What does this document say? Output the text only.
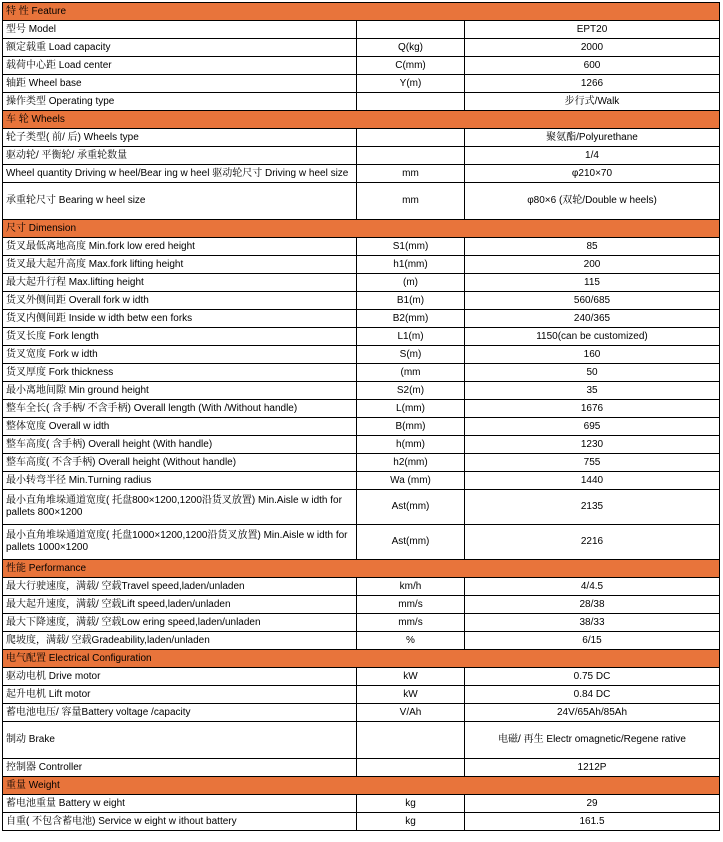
特 性 Feature		
型号 Model		EPT20
额定载重 Load capacity	Q(kg)	2000
载荷中心距 Load center	C(mm)	600
轴距 Wheel base	Y(m)	1266
操作类型 Operating type		步行式/Walk
车 轮 Wheels		
轮子类型( 前/ 后) Wheels type		聚氨酯/Polyurethane
驱动轮/ 平衡轮/ 承重轮数量		1/4
Wheel quantity Driving w heel/Bear ing w heel 驱动轮尺寸 Driving w heel size	mm	φ210×70
承重轮尺寸 Bearing w heel size	mm	φ80×6 (双轮/Double w heels)
尺寸 Dimension		
货叉最低离地高度 Min.fork low ered height	S1(mm)	85
货叉最大起升高度 Max.fork lifting height	h1(mm)	200
最大起升行程 Max.lifting height	(m)	115
货叉外侧间距 Overall fork w idth	B1(m)	560/685
货叉内侧间距 Inside w idth betw een forks	B2(mm)	240/365
货叉长度 Fork length	L1(m)	1150(can be customized)
货叉宽度 Fork w idth	S(m)	160
货叉厚度 Fork thickness	(mm	50
最小离地间隙 Min ground height	S2(m)	35
整车全长( 含手柄/ 不含手柄) Overall length (With /Without handle)	L(mm)	1676
整体宽度 Overall w idth	B(mm)	695
整车高度( 含手柄) Overall height (With handle)	h(mm)	1230
整车高度( 不含手柄) Overall height (Without handle)	h2(mm)	755
最小转弯半径 Min.Turning radius	Wa (mm)	1440
最小直角堆垛通道宽度( 托盘800×1200,1200沿货叉放置) Min.Aisle w idth for pallets 800×1200	Ast(mm)	2135
最小直角堆垛通道宽度( 托盘1000×1200,1200沿货叉放置) Min.Aisle w idth for pallets 1000×1200	Ast(mm)	2216
性能 Performance		
最大行驶速度，满载/ 空载Travel speed,laden/unladen	km/h	4/4.5
最大起升速度，满载/ 空载Lift speed,laden/unladen	mm/s	28/38
最大下降速度，满载/ 空载Low ering speed,laden/unladen	mm/s	38/33
爬坡度，满载/ 空载Gradeability,laden/unladen	%	6/15
电气配置 Electrical Configuration		
驱动电机 Drive motor	kW	0.75 DC
起升电机 Lift motor	kW	0.84 DC
蓄电池电压/ 容量Battery voltage /capacity	V/Ah	24V/65Ah/85Ah
制动 Brake		电磁/ 再生 Electr omagnetic/Regene rative
控制器 Controller		1212P
重量 Weight		
蓄电池重量 Battery w eight	kg	29
自重( 不包含蓄电池) Service w eight w ithout battery	kg	161.5
